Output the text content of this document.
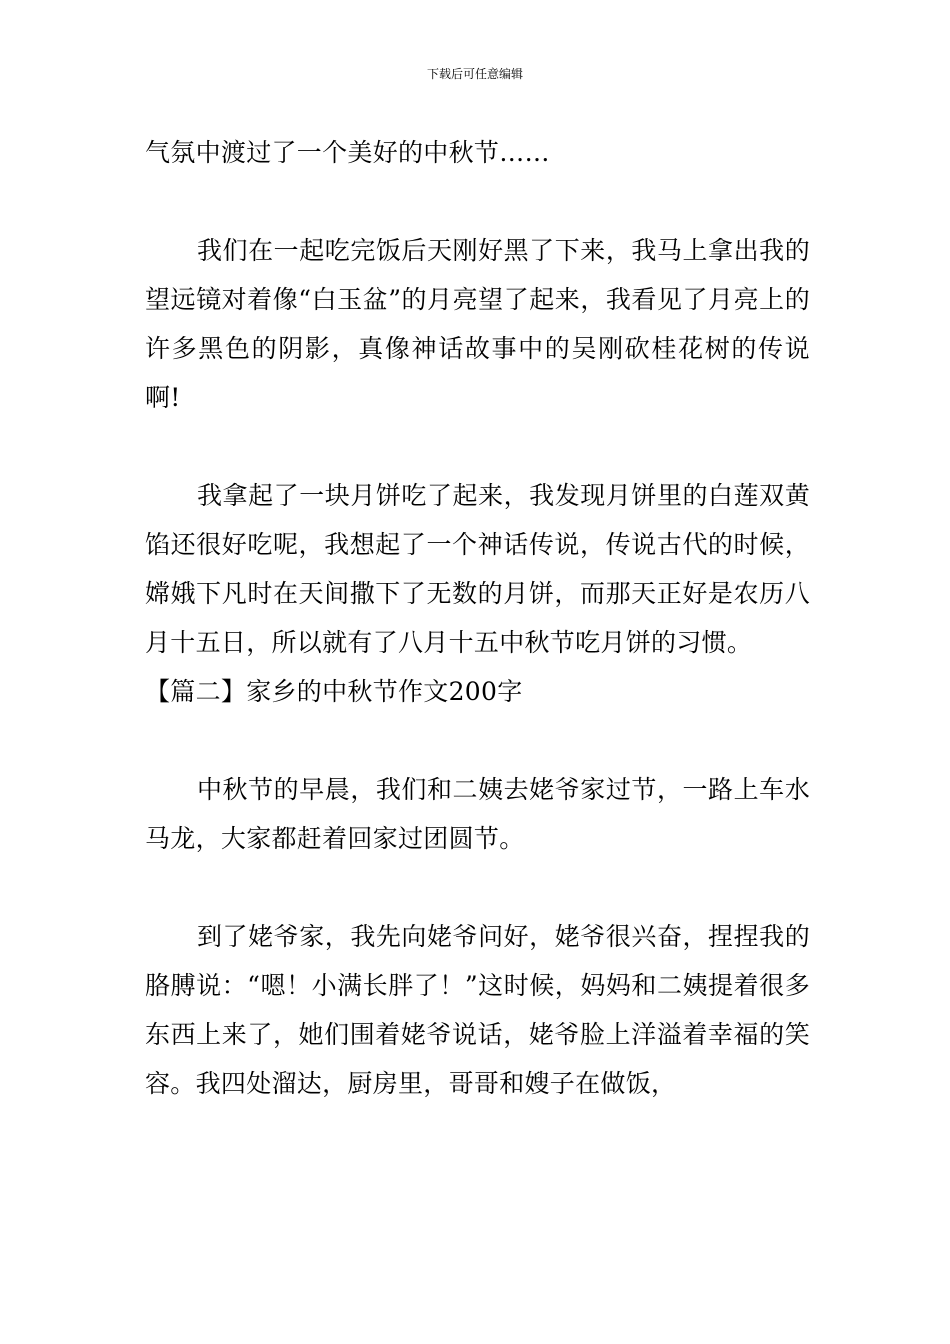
下载后可任意编辑

气氛中渡过了一个美好的中秋节……

我们在一起吃完饭后天刚好黑了下来，我马上拿出我的望远镜对着像“白玉盆”的月亮望了起来，我看见了月亮上的许多黑色的阴影，真像神话故事中的吴刚砍桂花树的传说啊!

我拿起了一块月饼吃了起来，我发现月饼里的白莲双黄馅还很好吃呢，我想起了一个神话传说，传说古代的时候，嫦娥下凡时在天间撒下了无数的月饼，而那天正好是农历八月十五日，所以就有了八月十五中秋节吃月饼的习惯。

【篇二】家乡的中秋节作文200字

中秋节的早晨，我们和二姨去姥爷家过节，一路上车水马龙，大家都赶着回家过团圆节。

到了姥爷家，我先向姥爷问好，姥爷很兴奋，捏捏我的胳膊说：“嗯！小满长胖了！”这时候，妈妈和二姨提着很多东西上来了，她们围着姥爷说话，姥爷脸上洋溢着幸福的笑容。我四处溜达，厨房里，哥哥和嫂子在做饭，
